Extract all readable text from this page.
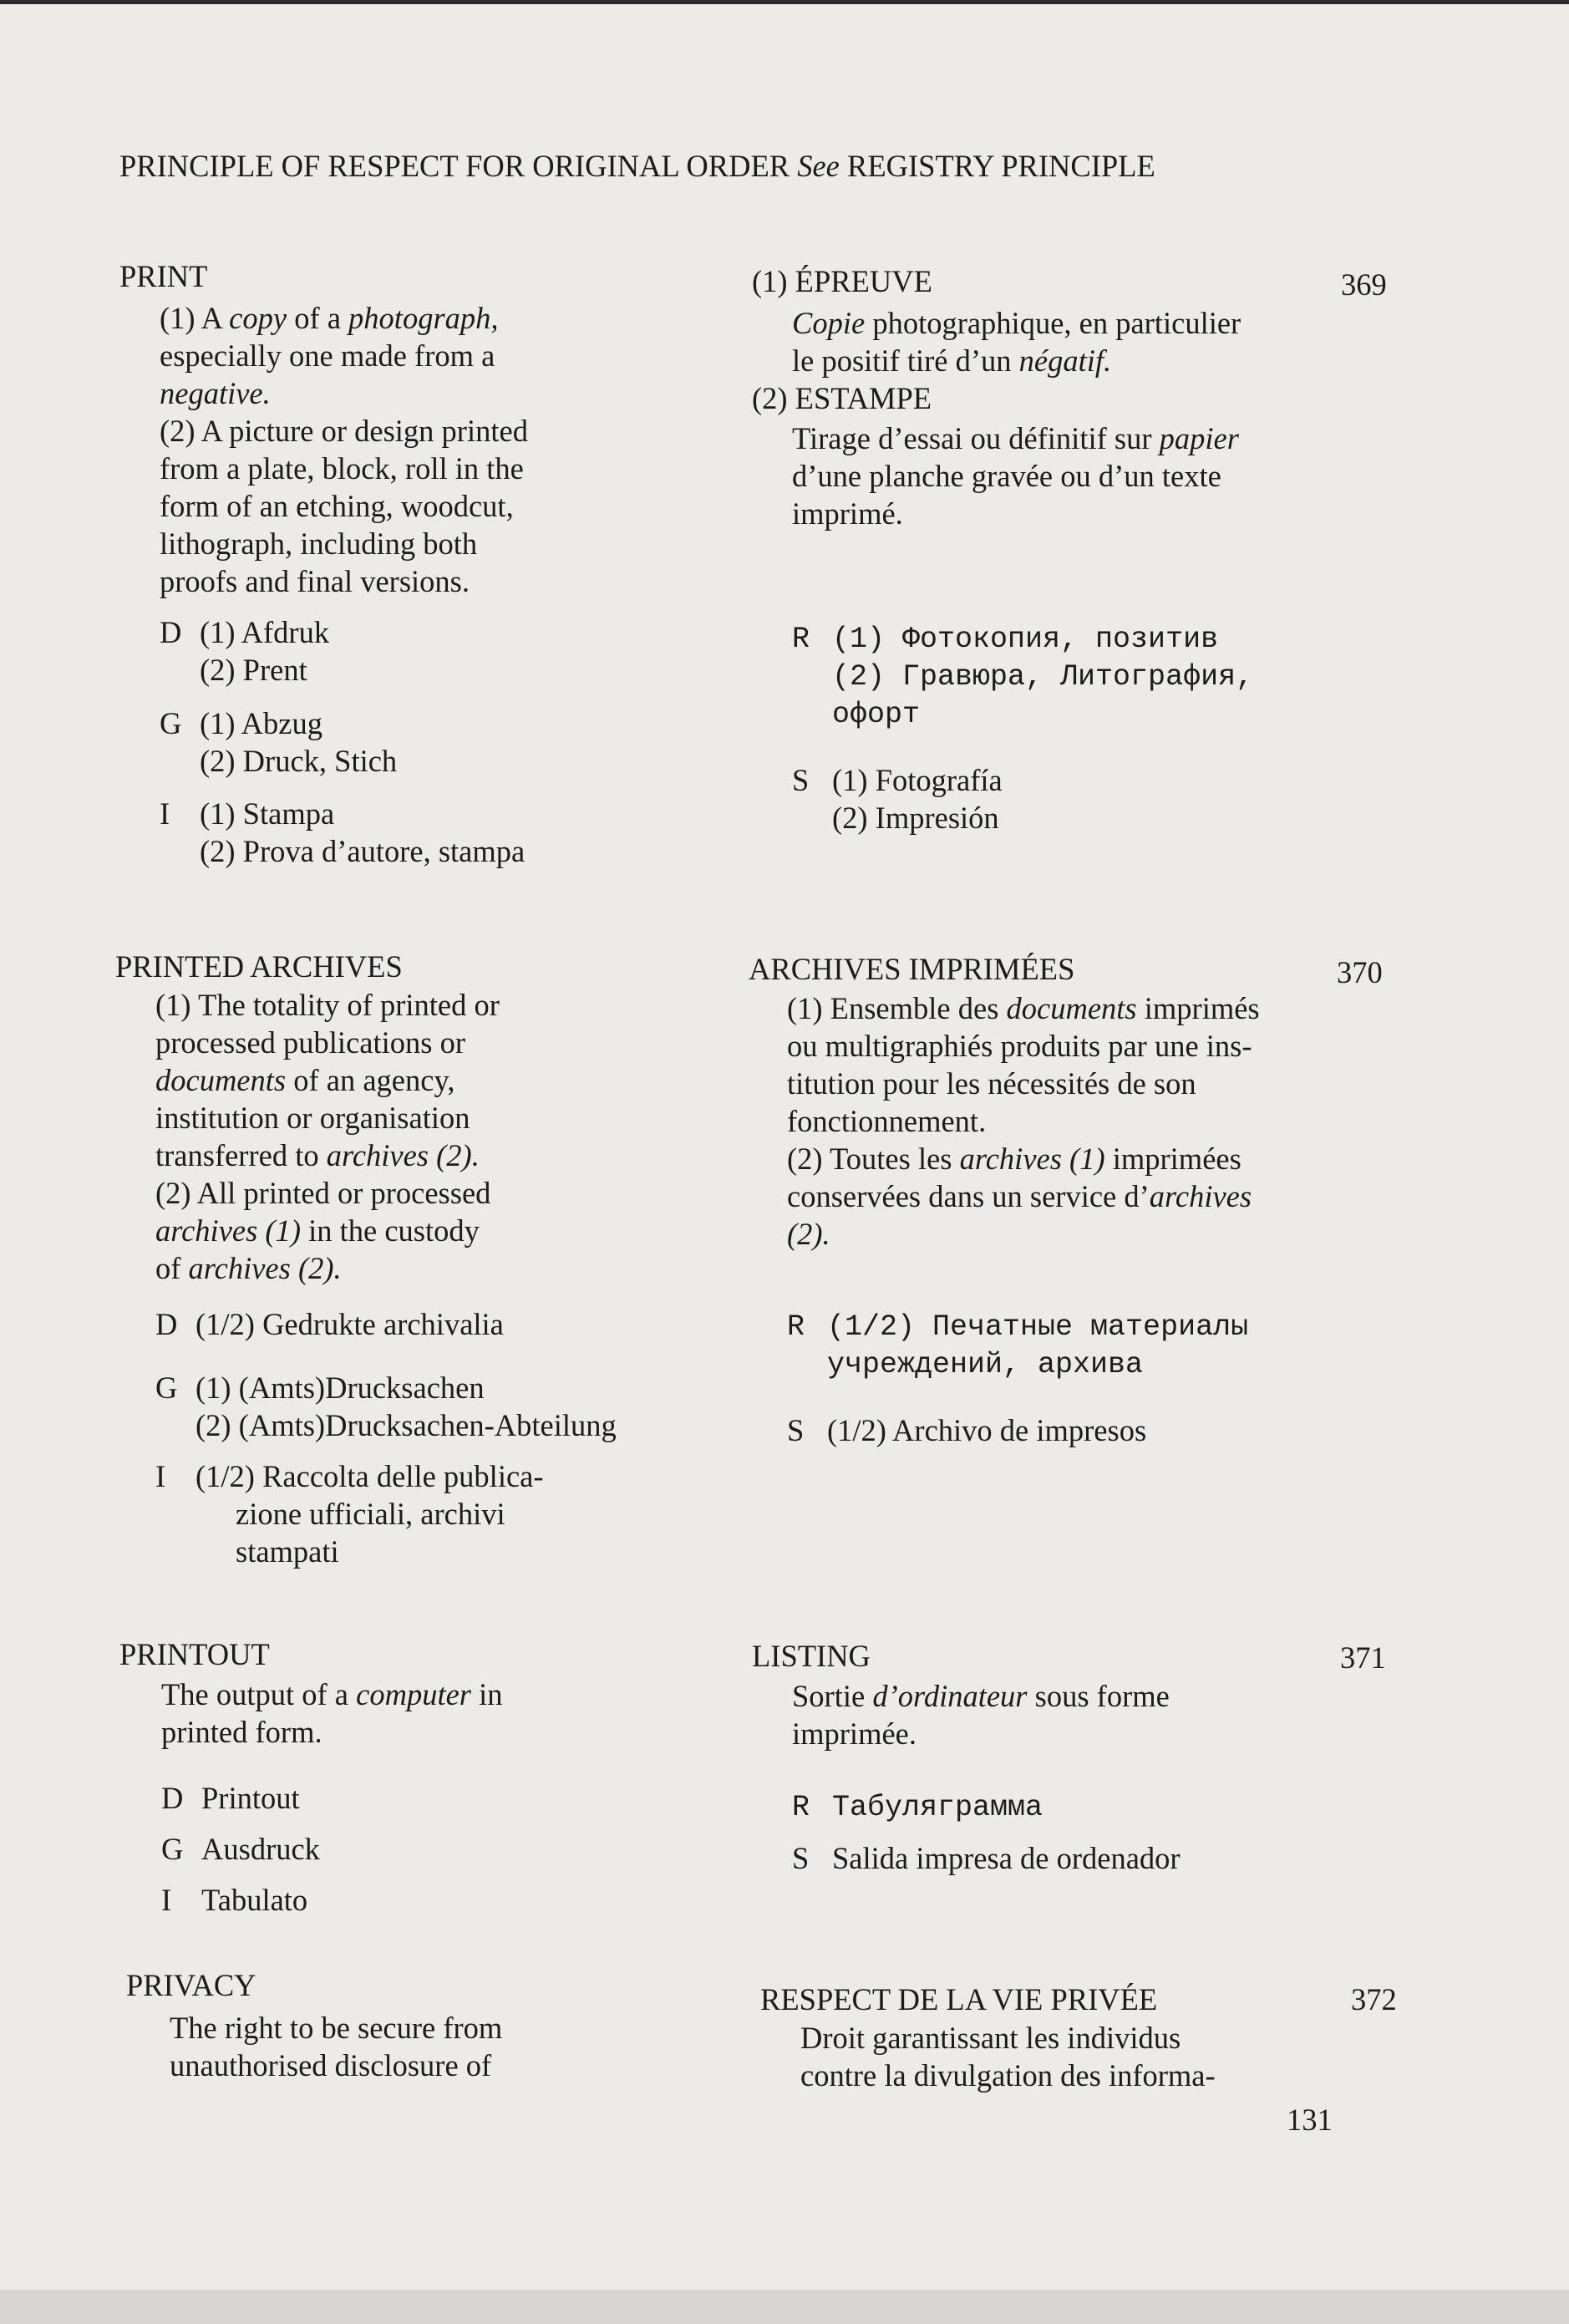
PRINCIPLE OF RESPECT FOR ORIGINAL ORDER See REGISTRY PRINCIPLE
PRINT
(1) A copy of a photograph,
especially one made from a
negative.
(2) A picture or design printed
from a plate, block, roll in the
form of an etching, woodcut,
lithograph, including both
proofs and final versions.
(1) ÉPREUVE	369
Copie photographique, en particulier
le positif tiré d’un négatif.
(2) ESTAMPE
Tirage d’essai ou définitif sur papier
d’une planche gravée ou d’un texte
imprimé.
D (1) Afdruk
(2) Prent
G (1) Abzug
(2) Druck, Stich
I (1) Stampa
(2) Prova d’autore, stampa
R (1) Фотокопия, позитив
(2) Гравюра, Литография,
офорт
S (1) Fotografía
(2) Impresión
PRINTED ARCHIVES
(1) The totality of printed or
processed publications or
documents of an agency,
institution or organisation
transferred to archives (2).
(2) All printed or processed
archives (1) in the custody
of archives (2).
ARCHIVES IMPRIMÉES	370
(1) Ensemble des documents imprimés
ou multigraphiés produits par une ins-
titution pour les nécessités de son
fonctionnement.
(2) Toutes les archives (1) imprimées
conservées dans un service d’archives
(2).
D (1/2) Gedrukte archivalia
G (1) (Amts)Drucksachen
(2) (Amts)Drucksachen-Abteilung
I (1/2) Raccolta delle publica-
zione ufficiali, archivi
stampati
R (1/2) Печатные материалы
учреждений, архива
S (1/2) Archivo de impresos
PRINTOUT
The output of a computer in
printed form.
LISTING	371
Sortie d’ordinateur sous forme
imprimée.
D Printout
G Ausdruck
I Tabulato
R Табуляграмма
S Salida impresa de ordenador
PRIVACY
The right to be secure from
unauthorised disclosure of
RESPECT DE LA VIE PRIVÉE	372
Droit garantissant les individus
contre la divulgation des informa-
131
